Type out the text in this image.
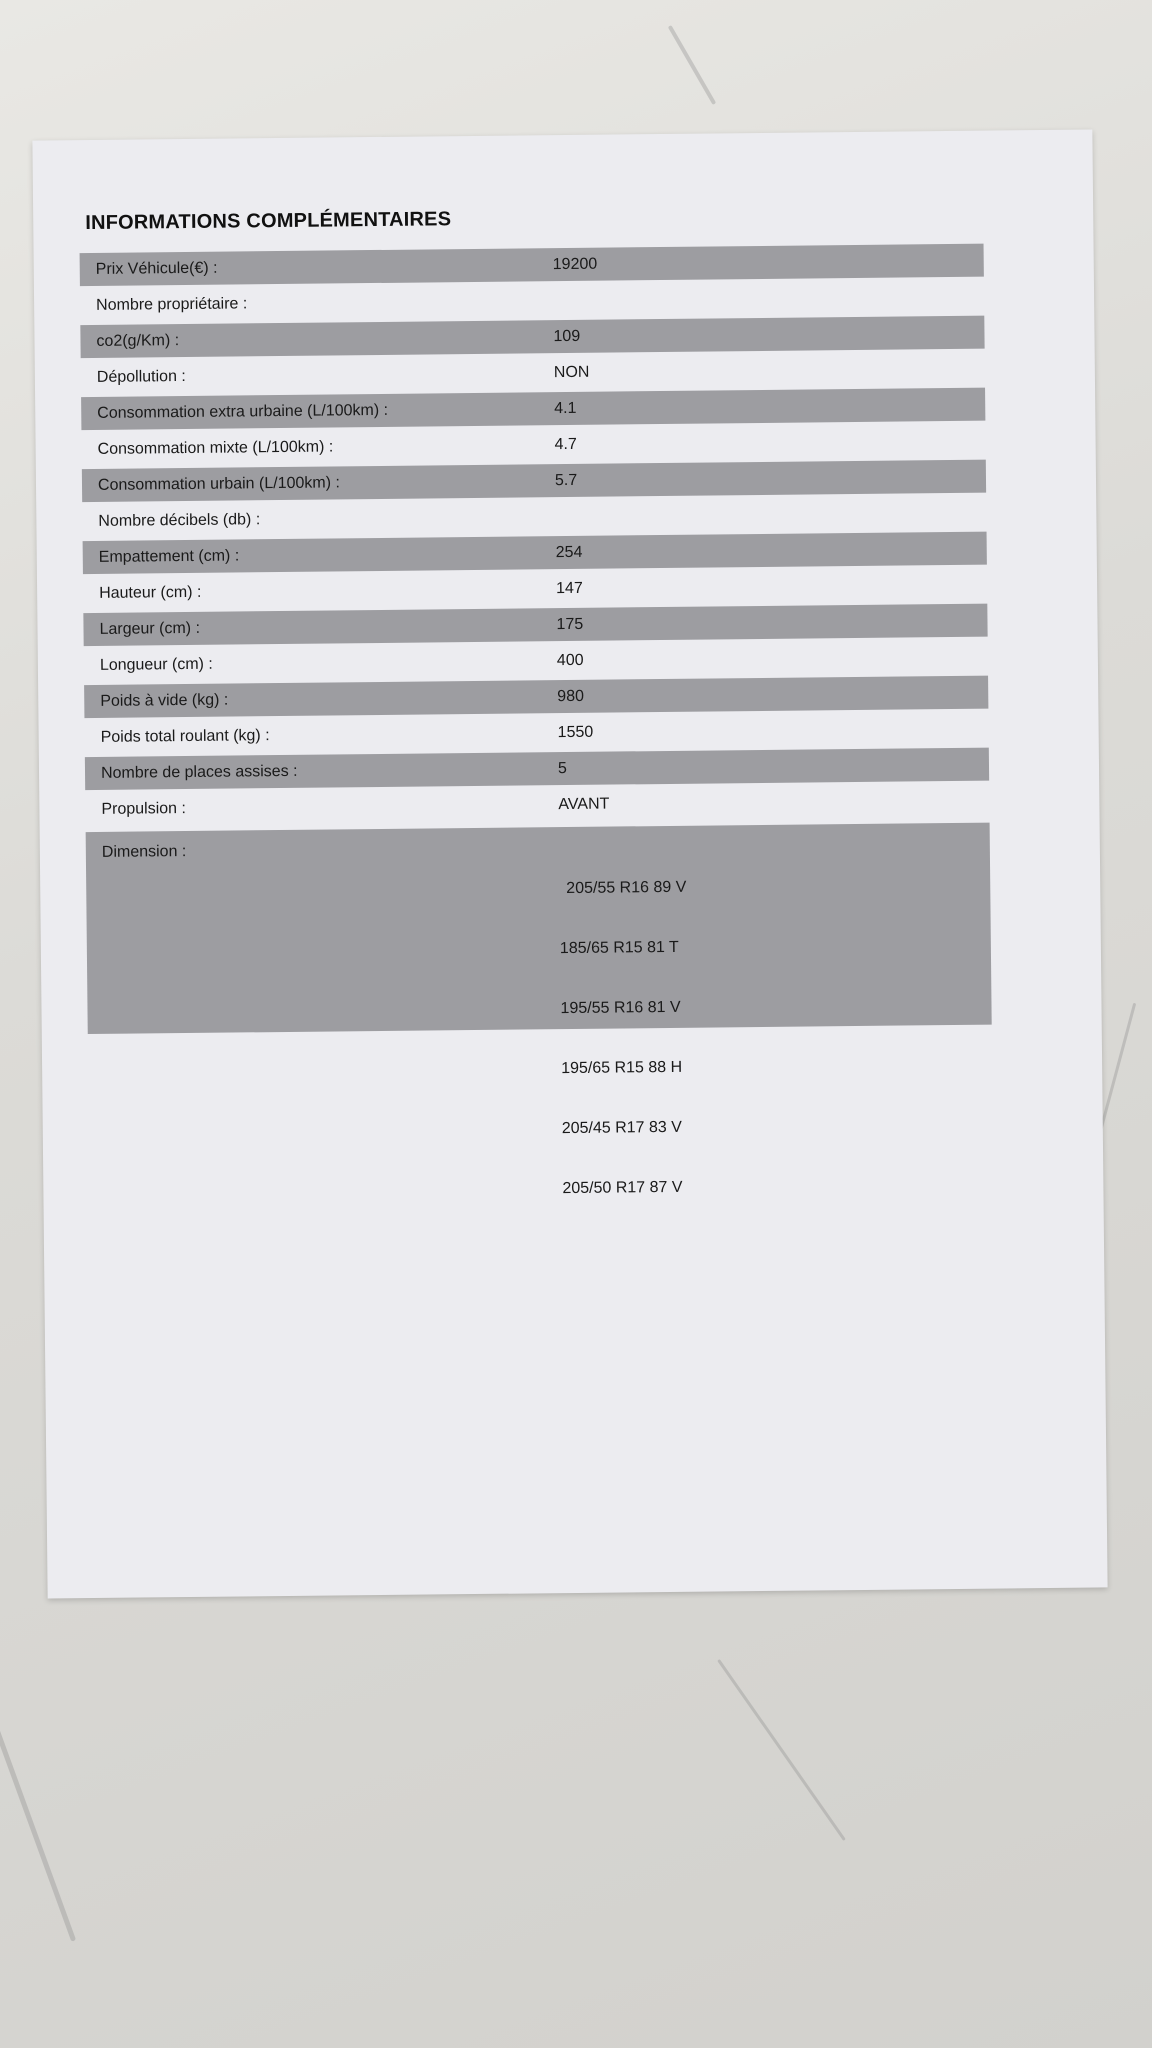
INFORMATIONS COMPLÉMENTAIRES
Prix Véhicule(€) :	19200
Nombre propriétaire :
co2(g/Km) :	109
Dépollution :	NON
Consommation extra urbaine (L/100km) :	4.1
Consommation mixte (L/100km) :	4.7
Consommation urbain (L/100km) :	5.7
Nombre décibels (db) :
Empattement (cm) :	254
Hauteur (cm) :	147
Largeur (cm) :	175
Longueur (cm) :	400
Poids à vide (kg) :	980
Poids total roulant (kg) :	1550
Nombre de places assises :	5
Propulsion :	AVANT
Dimension :

205/55 R16 89 V

185/65 R15 81 T

195/55 R16 81 V

195/65 R15 88 H

205/45 R17 83 V

205/50 R17 87 V
